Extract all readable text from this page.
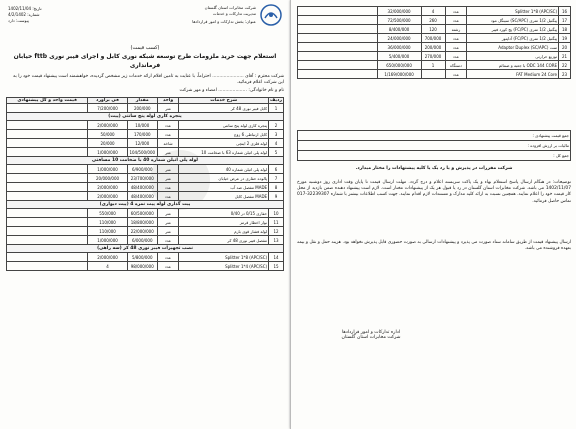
شرکت مخابرات استان گلستان
مدیریت تدارکات و خدمات
عنوان: بخش تدارکات و امور قراردادها
تاریخ: 1402/11/04
شماره: 4/2/1402
پیوست: دارد
(کسب قیمت)
استعلام جهت خرید ملزومات طرح توسعه شبکه نوری کابل و اجرای فیبر نوری fttb خیابان
فرمانداری
شرکت محترم : آقای ...................... احتراماً، با عنایت به تامین اقلام ارائه خدمات زیر مشخص گردیده، خواهشمند است پیشنهاد قیمت خود را به این شرکت اعلام فرمائید.
نام و نام خانوادگی: .................... امضاء و مهر شرکت
ردیف	شرح خدمات	واحد	مقدار	فی برآورد	قیمت واحد و کل پیشنهادی
1	کابل فیبر نوری 48 کر	متر	200/000	7/200/000	
پنجره کاری لوله پنج سانتی (پیت)					
2	پنجره کاری لوله پنج سانتی	عدد	10/000	2/000/000	
3	کابل ارتباطی 6 زوج	عدد	170/000	50/000	
4	لوله فلزی 2 اینچی	شاخه	12/000	20/000	
5	لوله پلی اتیلن شماره 63 با ضخامت 10	متر	104/500/000	1/000/000	
لوله پلی اتیلن شماره 40 با ضخامت 10 مسافتی					
6	لوله پلی اتیلن شماره 40	متر	6/900/000	1/000/000	
7	پالوده حفاری در عرض خیابان	متر	23/700/000	20/000/000	
8	MADE مفصل ضد آب	عدد	48/400/000	2/000/000	
9	MADE مفصل کابل	عدد	48/400/000	2/000/000	
پیت گذاری لوله پیت نمره 4 (پیت دیواری)					
10	حفاری 0/15 در 0/40	متر	60/500/000	550/000	
11	نوار اخطار قرمز	متر	18/800/000	110/000	
12	لوله فشار قوی بارم	متر	22/000/000	110/000	
13	مفصل فیبر نوری 48 کر	عدد	6/000/000	1/000/000	
نصب تجهیزات فیبر نوری 48 کر (سه راهی)					
14	Splitter 1*8 (APC/SC)	عدد	5/800/000	2/000/000	
15	Splitter 1*4 (APC/SC)	عدد	98/000/000	4	
16	Splitter 1*8 (APC/SC)	عدد	4	32/000/000	
17	پیگتیل 1/2 متری (SC/APC) سینگل مود	عدد	260	72/500/000	
18	پیگتیل 1/2 متری (FC/PC) پچ کورد فیبر	رشته	120	8/400/000	
19	پیگتیل 1/2 متری (FC/PC) آداپتور	عدد	700/000	24/000/000	
20	ست (Adaptor Duplex (SC/APC	عدد	200/000	36/000/000	
21	توزیع حرارتی	عدد	270/000	5/400/000	
22	ODC 144 CORE با جعبه و ضمائم	دستگاه	1	650/000/000	
23	FAT Medium 24 Core	عدد		1/169/000/000	
جمع قیمت پیشنهادی :
مالیات بر ارزش افزوده :
جمع کل :
شرکت مقررات در پذیرش و یا رد یک یا کلیه پیشنهادات را مختار میدارد.
توضیحات: در هنگام ارسال پاسخ استعلام بهاء و یک پاکت سربسته اعلام و درج گردد. مهلت ارسال قیمت تا پایان وقت اداری روز دوشنبه مورخ 1402/11/07 می باشد. شرکت مخابرات استان گلستان در رد یا قبول هر یک از پیشنهادات مختار است. لازم است پیشنهاد دهنده ضمن بازدید از محل کار قیمت خود را اعلام نمایند. همچنین نسبت به ارائه کلیه مدارک و مستندات لازم اقدام نمایند. جهت کسب اطلاعات بیشتر با شماره 32239307-017 تماس حاصل فرمائید.
ارسال پیشنهاد قیمت از طریق سامانه ستاد صورت می پذیرد و پیشنهادات ارسالی به صورت حضوری قابل پذیرش نخواهد بود. هزینه حمل و نقل و بیمه بعهده فروشنده می باشد.
اداره تدارکات و امور قراردادها
شرکت مخابرات استان گلستان
